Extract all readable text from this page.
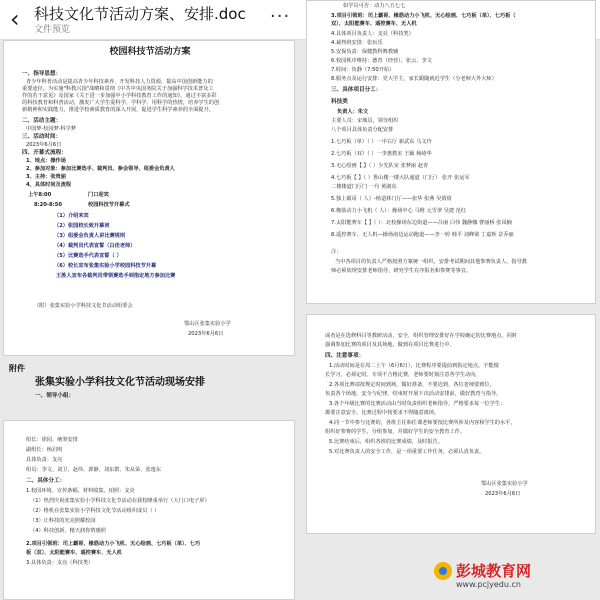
‹ 科技文化节活动方案、安排.doc
文件预览
···
校园科技节活动方案
一、指导思想：
青少年科普活动是提高青少年科技素养，开发科技人力资源，提高中国创新能力的
重要途径。为实施"科教兴国"战略和贯彻《中共中央国务院关于加强科学技术普及工
作的若干意见》及国家《关于进一步加强中小学科技教育工作的通知》，通过丰富多彩
的科技教育和科普活动，激发广大学生爱科学、学科学、用科学的热情，培养学生的创
新精神和实践能力，推进学校素质教育的深入开展，促进学生科学素养的全面提升。
二、活动主题：
中国梦·校园梦·科学梦
三、活动时间：
2023年6月6日
四、开幕式流程：
1、地点：操作场
2、参加对象：参加比赛选手、裁判员、参会领导、组委会负责人
3、主持：张贵丽
4、具体时间及流程
上午8:00	门口迎宾
8:20-8:50	校园科技节开幕式
（1）介绍来宾
（2）张园校长致开幕词
（3）组委会负责人讲比赛规则
（4）裁判员代表宣誓（白佳老师）
（5）比赛选手代表宣誓（ ）
（6）校长宣布张集实验小学校园科技节开幕
王胜人宣布各裁判员带领赛选手到指定地方参加比赛
（附）张集实验小学科技文化节活动组委会
鄂山区张集实验小学
2023年6月6日
附件
张集实验小学科技文化节活动现场安排
一、领导小组：
组长：徐园、统筹安排
副组长：杨启明
具体负责：支亮
组员：李文、刘卫、赵伟、郭静、刘东群、朱从荣、张逸东
二、具体分工：
1.校园环境、宣传条幅、材料收集、拍照：支亮
（1）热烈庆祝张集实验小学科技文化节活动在我校隆重举行（大门口电子屏）
（2）格机在张集实验小学科技文化节活动组织成员（ ）
（3）让科技的光亮照耀校园
（4）科技创新，精天润你情感照
2.项目引领班：司上霸哥、橡筋动力小飞机、无心绘画、七巧板（单）、七巧
板（双）、太阳能赛车、遥控赛车、无人机
3.具体负责：支亮（科技类）
如学员可否：动力八五七七
3.项目引领班：司上霸哥、橡筋动力小飞机、无心绘画、七巧板（单）、七巧板（
双）、太阳能赛车、遥控赛车、无人机
4.具体项目负责人：支亮（科技类）
4.裁判班安排：张玩乐
5.安保负责：保健教科舞教辅
6.校园秩序维持：德育（经营）、张云、李文
7.时间：负静（7:50开始）
8.服务点及运行安排：党大学主，家长跟随就近学生（分老师大外大师）
三、具体项目分工：
科技类
负责人：朱文
主要人员：宋城员，领导组织
八个项目具体负责分配安排
1.七巧板（单）（ ）一中右厅 新武东 马文玲
2.七巧板（双）（ ）一李惠教室 王颖 杨绮华
3.无心绘画【 】（ ）少先队室 张梦丽 赵青
4.七巧板【 】（ ）鲁山楼一楼大队通道（门厅） 张开 张运军
二楼楼道门厅门 一丹 黄淑东
5.独上霸哥（ 人）-杨造林门厅——张华 张燕 吴倩倩
6.橡筋动力小飞机（ 人）：操场中心 马维 元雪翠 吴建 范红
7.太阳能赛车【 】（ ）：北校操场东边街道——吕丽 白伟 魏静娜 曹丽桥 张凤楠
8.遥控赛车、无人机—操场南边运动跑道——李一婷 韩平 刘峰梁 丁嘉辉 景乔丽
注：
当中各项目的负责人严格按照方案统一组织，安排考试期间其他参赛负责人、指导教
师必须依规安排老师指导，研究学生有序报名和参赛等事宜。
或者是在选修科目等教研活动，安全，组织管理安排好在学校确定的比赛地点，同时
强调参加比赛的项目及其场地，做到在项目比赛进行中，
四、注意事项：
1.活动时间是在周二上午（6月6日），比赛程序要提前到指定地点。不能擅
长学习，必须定时。专项不合格比赛，老师要时刻注意各学生动向。
2.各项比赛请按规定时间到场，做好准备，不要迟到，各位老师要到位，
负责各个场地，安全与纪律，结束时开展下次活动安排前，做好教育与指导。
3.各个年级比赛的比赛活动由当时负责组织老师指导，严格要求每一位学生：
都要注意安全。比赛过程中按要求不得随意离场。
4.同一节中参与比赛的，各班主任和任课老师要按比赛所涉及内容和学生的水平，
组织好参赛的学生，分组参加，并做好学生的安全教育工作。
5.比赛结束后，组织各班的比赛成绩，及时报告。
5.对比赛负责人的安全工作，是一项重要工作任务，必须认真负责。
鄂山区张集实验小学
2023年6月6日
彭城教育网
www.pcjyedu.cn
